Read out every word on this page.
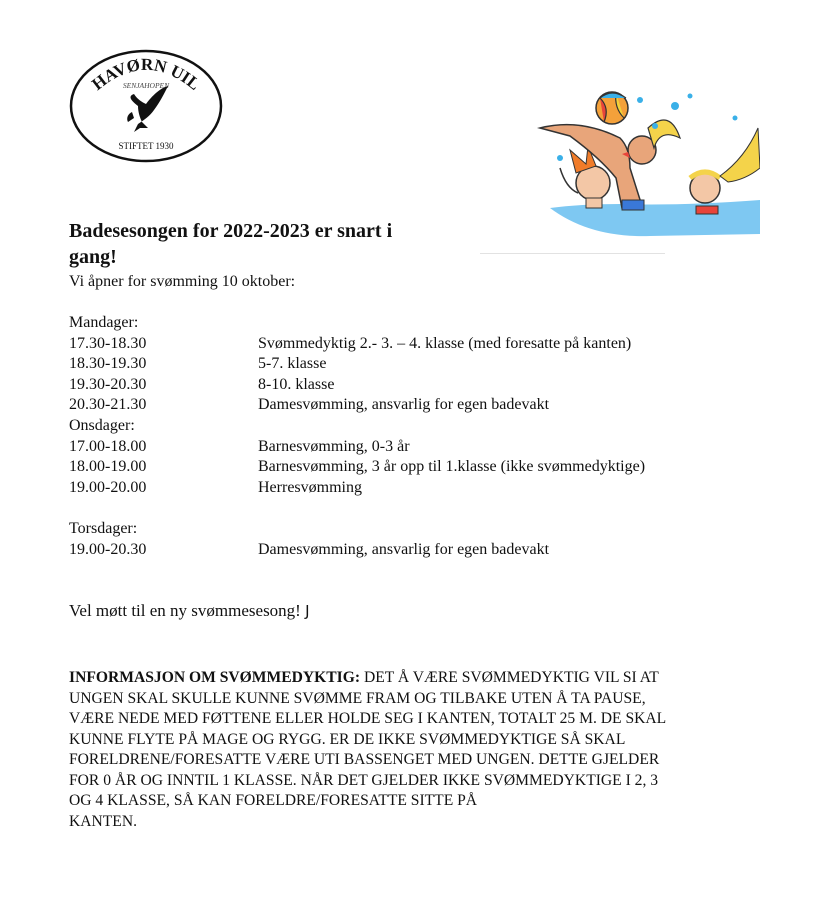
HAVØRN UIL
SENJAHOPEN
STIFTET 1930
Badesesongen for 2022-2023 er snart i gang!
Vi åpner for svømming 10 oktober:
Mandager:
17.30-18.30	Svømmedyktig 2.- 3. – 4. klasse (med foresatte på kanten)
18.30-19.30	5-7. klasse
19.30-20.30	8-10. klasse
20.30-21.30	Damesvømming, ansvarlig for egen badevakt
Onsdager:
17.00-18.00	Barnesvømming, 0-3 år
18.00-19.00	Barnesvømming, 3 år opp til 1.klasse (ikke svømmedyktige)
19.00-20.00	Herresvømming
Torsdager:
19.00-20.30	Damesvømming, ansvarlig for egen badevakt
Vel møtt til en ny svømmesesong! J
INFORMASJON OM SVØMMEDYKTIG: DET Å VÆRE SVØMMEDYKTIG VIL SI AT
UNGEN SKAL SKULLE KUNNE SVØMME FRAM OG TILBAKE UTEN Å TA PAUSE,
VÆRE NEDE MED FØTTENE ELLER HOLDE SEG I KANTEN, TOTALT 25 M. DE SKAL
KUNNE FLYTE PÅ MAGE OG RYGG. ER DE IKKE SVØMMEDYKTIGE SÅ SKAL
FORELDRENE/FORESATTE VÆRE UTI BASSENGET MED UNGEN. DETTE GJELDER
FOR 0 ÅR OG INNTIL 1 KLASSE. NÅR DET GJELDER IKKE SVØMMEDYKTIGE I 2, 3
OG 4 KLASSE, SÅ KAN FORELDRE/FORESATTE SITTE PÅ
KANTEN.
